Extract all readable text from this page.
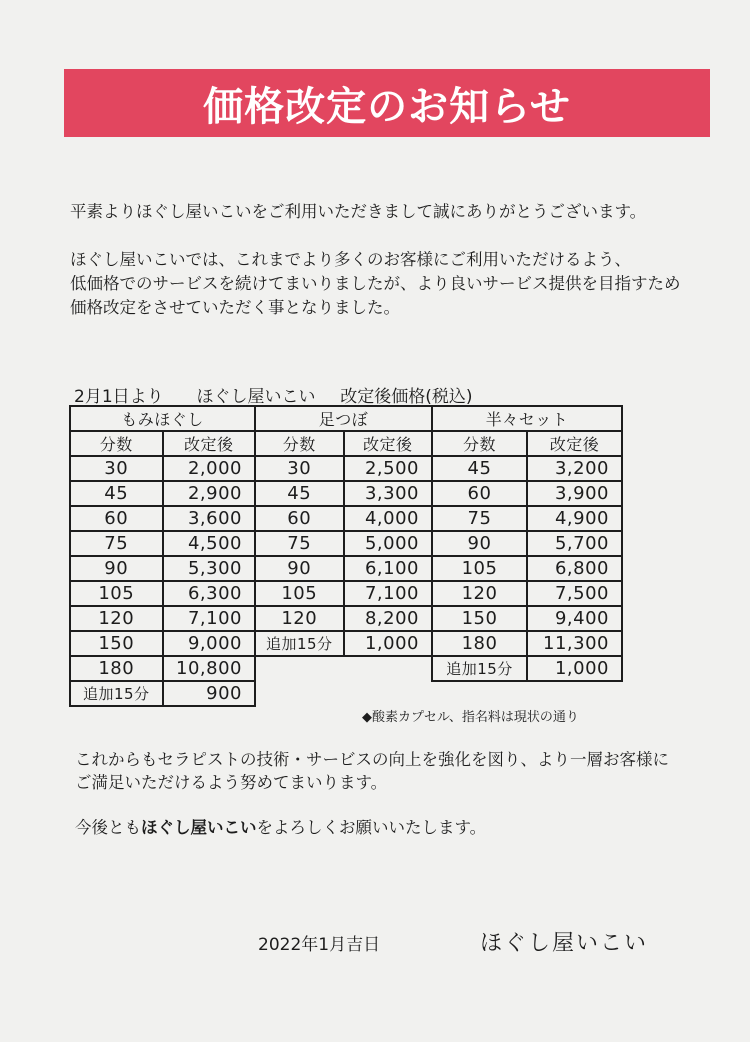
価格改定のお知らせ

平素よりほぐし屋いこいをご利用いただきまして誠にありがとうございます。

ほぐし屋いこいでは、これまでより多くのお客様にご利用いただけるよう、

低価格でのサービスを続けてまいりましたが、より良いサービス提供を目指すため

価格改定をさせていただく事となりました。

2月1日より ほぐし屋いこい 改定後価格(税込)
もみほぐし	
分数	改定後
30	2,000
45	2,900
60	3,600
75	4,500
90	5,300
105	6,300
120	7,100
150	9,000
180	10,800
追加15分	900
足つぼ	
分数	改定後
30	2,500
45	3,300
60	4,000
75	5,000
90	6,100
105	7,100
120	8,200
追加15分	1,000
半々セット	
分数	改定後
45	3,200
60	3,900
75	4,900
90	5,700
105	6,800
120	7,500
150	9,400
180	11,300
追加15分	1,000
◆酸素カプセル、指名料は現状の通り

これからもセラピストの技術・サービスの向上を強化を図り、より一層お客様に

ご満足いただけるよう努めてまいります。

今後ともほぐし屋いこいをよろしくお願いいたします。

2022年1月吉日	ほぐし屋いこい
